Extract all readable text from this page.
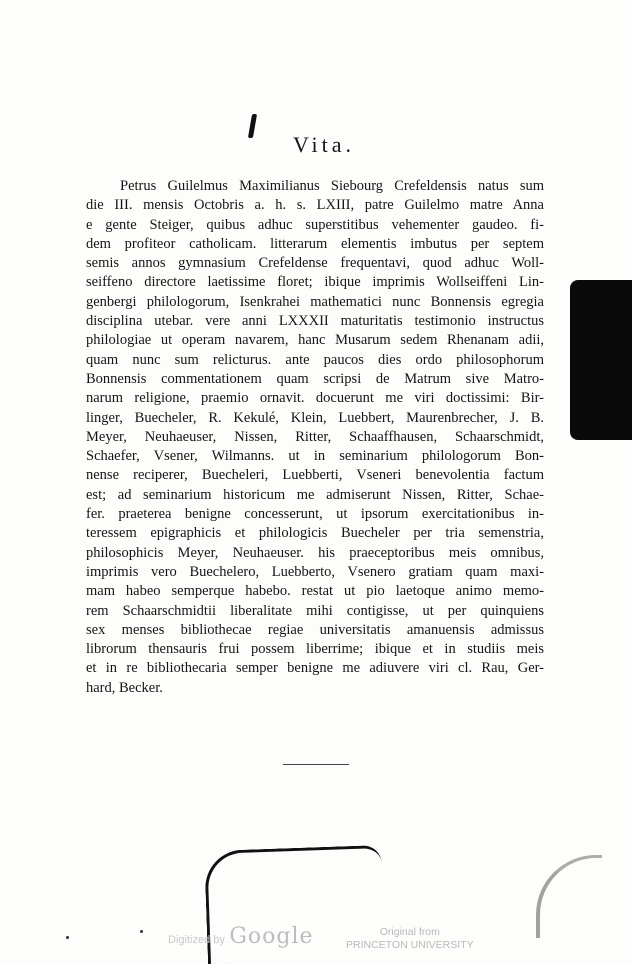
Vita.
Petrus Guilelmus Maximilianus Siebourg Crefeldensis natus sum
die III. mensis Octobris a. h. s. LXIII, patre Guilelmo matre Anna
e gente Steiger, quibus adhuc superstitibus vehementer gaudeo. fi-
dem profiteor catholicam. litterarum elementis imbutus per septem
semis annos gymnasium Crefeldense frequentavi, quod adhuc Woll-
seiffeno directore laetissime floret; ibique imprimis Wollseiffeni Lin-
genbergi philologorum, Isenkrahei mathematici nunc Bonnensis egregia
disciplina utebar. vere anni LXXXII maturitatis testimonio instructus
philologiae ut operam navarem, hanc Musarum sedem Rhenanam adii,
quam nunc sum relicturus. ante paucos dies ordo philosophorum
Bonnensis commentationem quam scripsi de Matrum sive Matro-
narum religione, praemio ornavit. docuerunt me viri doctissimi: Bir-
linger, Buecheler, R. Kekulé, Klein, Luebbert, Maurenbrecher, J. B.
Meyer, Neuhaeuser, Nissen, Ritter, Schaaffhausen, Schaarschmidt,
Schaefer, Vsener, Wilmanns. ut in seminarium philologorum Bon-
nense reciperer, Buecheleri, Luebberti, Vseneri benevolentia factum
est; ad seminarium historicum me admiserunt Nissen, Ritter, Schae-
fer. praeterea benigne concesserunt, ut ipsorum exercitationibus in-
teressem epigraphicis et philologicis Buecheler per tria semenstria,
philosophicis Meyer, Neuhaeuser. his praeceptoribus meis omnibus,
imprimis vero Buechelero, Luebberto, Vsenero gratiam quam maxi-
mam habeo semperque habebo. restat ut pio laetoque animo memo-
rem Schaarschmidtii liberalitate mihi contigisse, ut per quinquiens
sex menses bibliothecae regiae universitatis amanuensis admissus
librorum thensauris frui possem liberrime; ibique et in studiis meis
et in re bibliothecaria semper benigne me adiuvere viri cl. Rau, Ger-
hard, Becker.
Digitized by Google	Original from
PRINCETON UNIVERSITY
